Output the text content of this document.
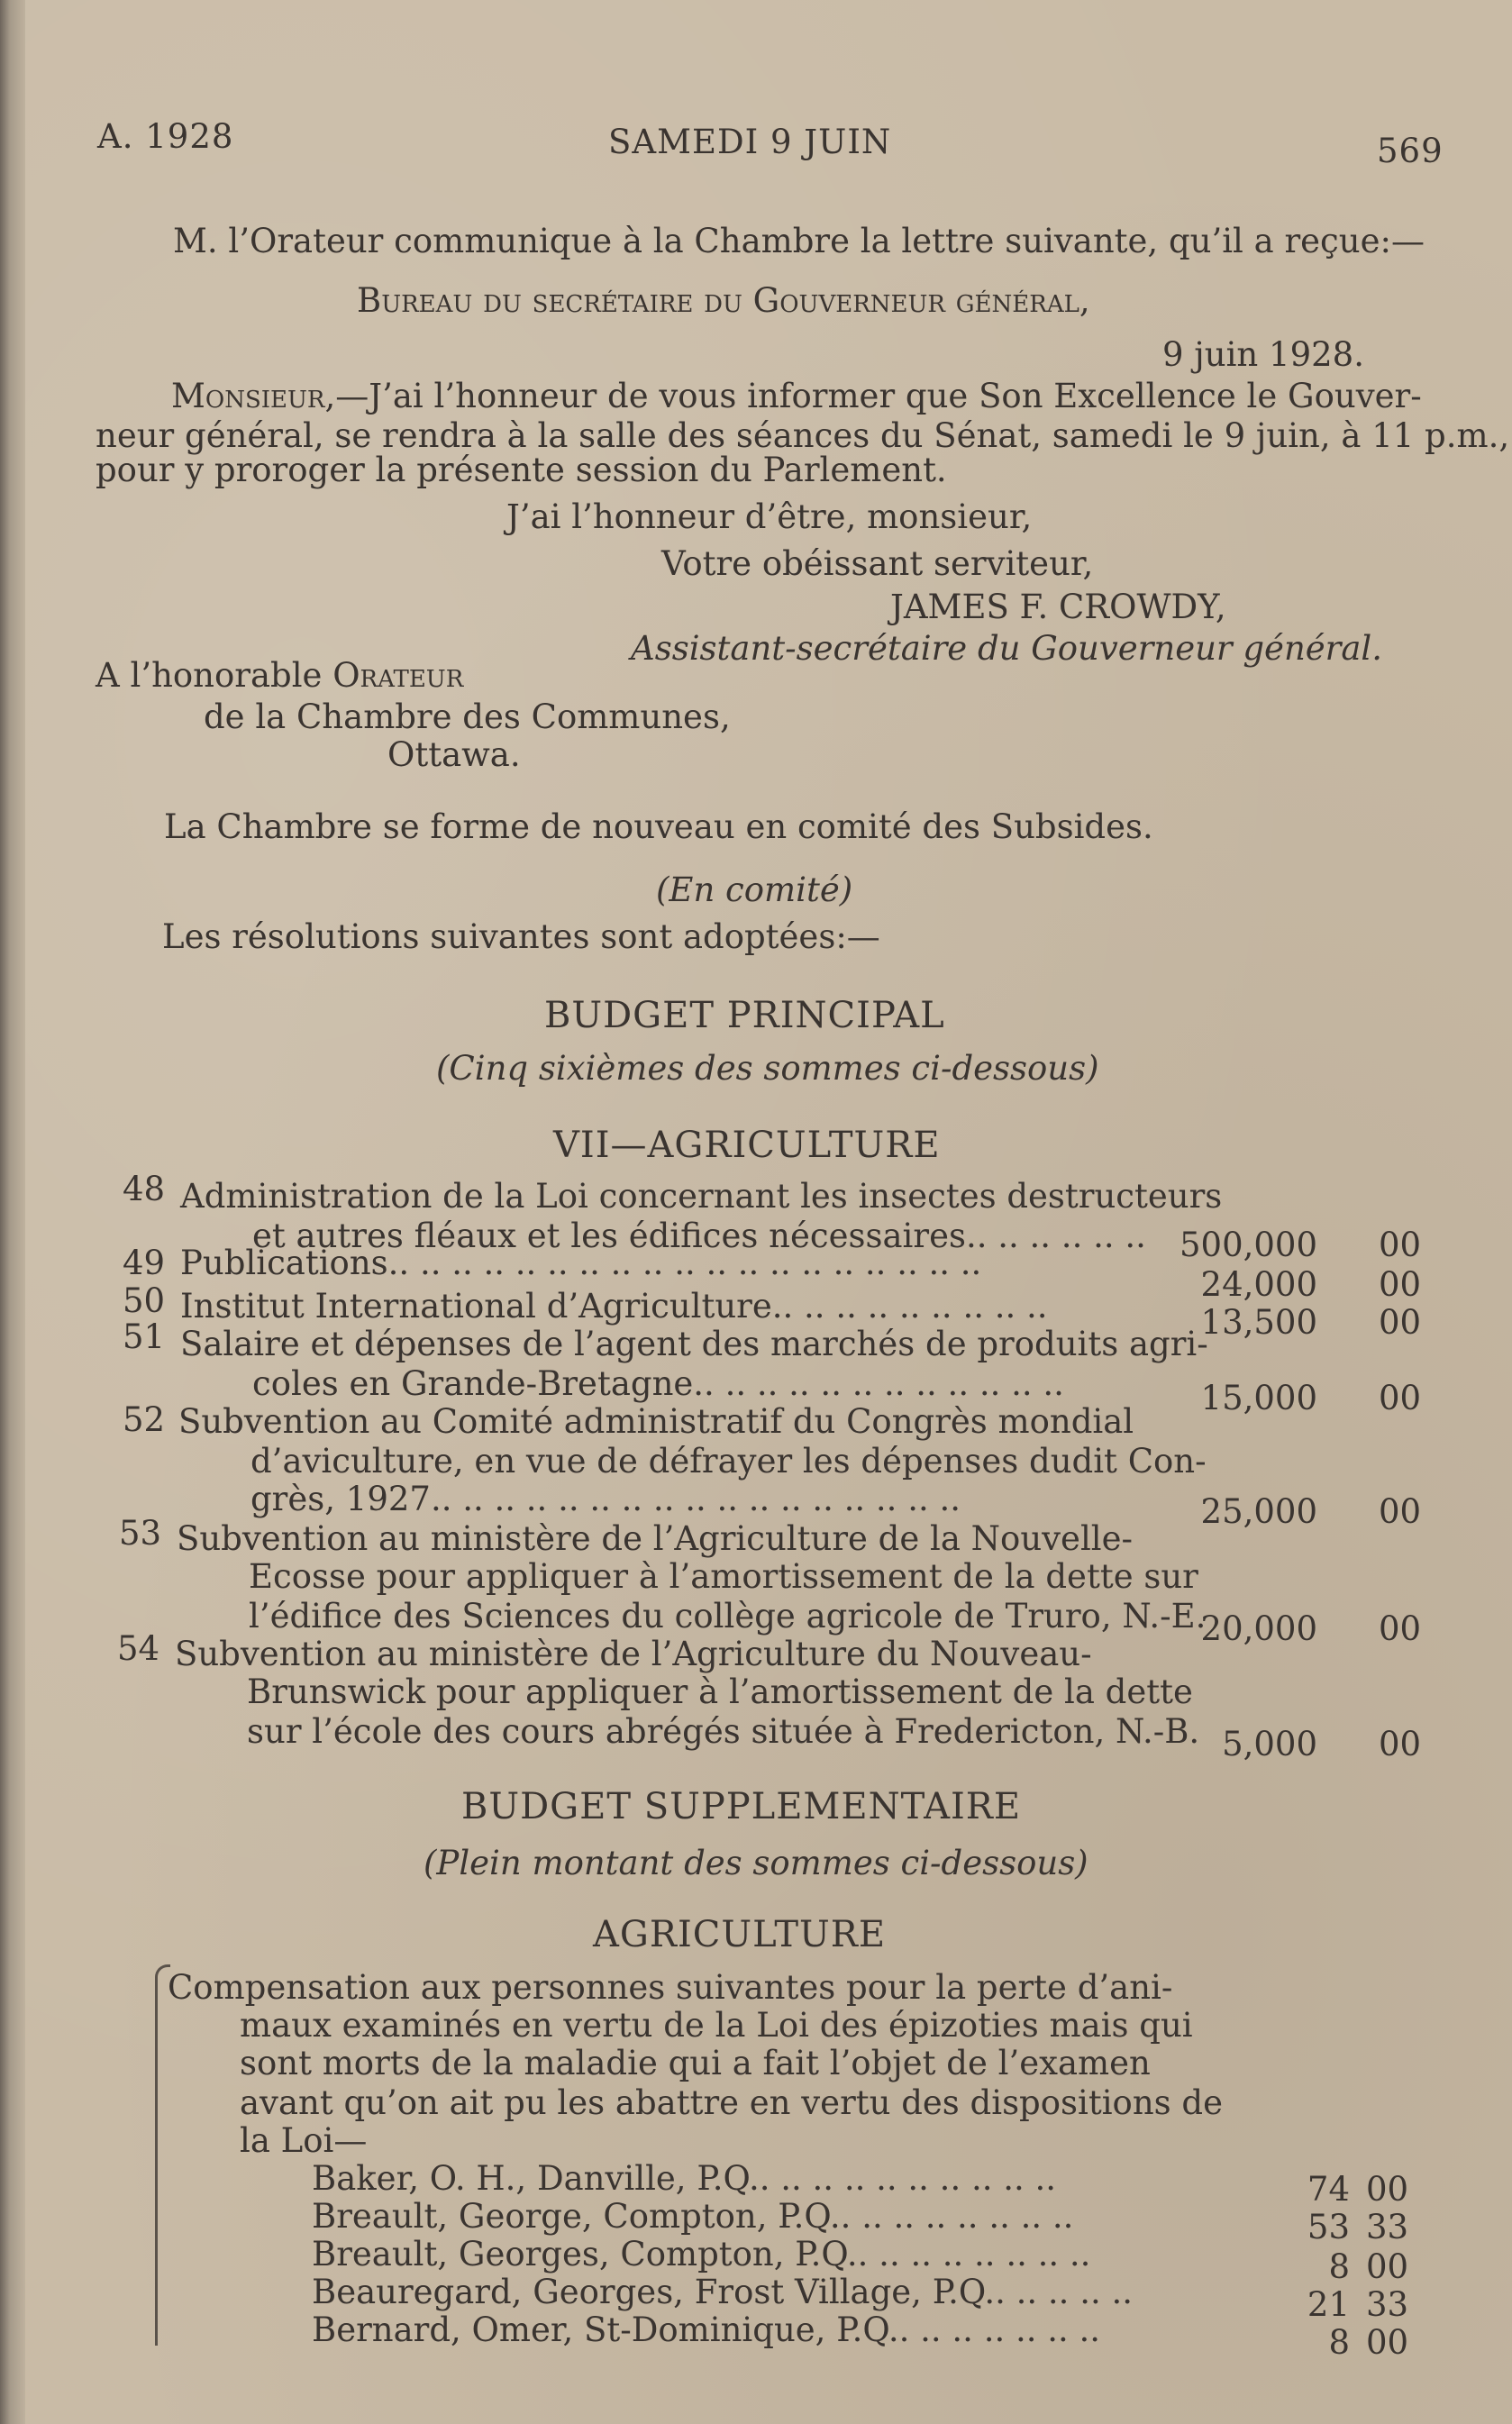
A. 1928	SAMEDI 9 JUIN	569
M. l’Orateur communique à la Chambre la lettre suivante, qu’il a reçue:—
Bureau du secrétaire du Gouverneur général,
9 juin 1928.
Monsieur,—J’ai l’honneur de vous informer que Son Excellence le Gouver-
neur général, se rendra à la salle des séances du Sénat, samedi le 9 juin, à 11 p.m.,
pour y proroger la présente session du Parlement.
J’ai l’honneur d’être, monsieur,
Votre obéissant serviteur,
JAMES F. CROWDY,
Assistant-secrétaire du Gouverneur général.
A l’honorable Orateur
de la Chambre des Communes,
Ottawa.
La Chambre se forme de nouveau en comité des Subsides.
(En comité)
Les résolutions suivantes sont adoptées:—
BUDGET PRINCIPAL
(Cinq sixièmes des sommes ci-dessous)
VII—AGRICULTURE
48 Administration de la Loi concernant les insectes destructeurs
et autres fléaux et les édifices nécessaires.. .. .. .. .. ..	500,000 00
49 Publications.. .. .. .. .. .. .. .. .. .. .. .. .. .. .. .. .. .. ..
24,000 00
50 Institut International d’Agriculture.. .. .. .. .. .. .. .. ..	13,500 00
51 Salaire et dépenses de l’agent des marchés de produits agri-
coles en Grande-Bretagne.. .. .. .. .. .. .. .. .. .. .. ..	15,000 00
52 Subvention au Comité administratif du Congrès mondial
d’aviculture, en vue de défrayer les dépenses dudit Con-
grès, 1927.. .. .. .. .. .. .. .. .. .. .. .. .. .. .. .. ..	25,000 00
53 Subvention au ministère de l’Agriculture de la Nouvelle-
Ecosse pour appliquer à l’amortissement de la dette sur
l’édifice des Sciences du collège agricole de Truro, N.-E.
20,000 00
54 Subvention au ministère de l’Agriculture du Nouveau-
Brunswick pour appliquer à l’amortissement de la dette
sur l’école des cours abrégés située à Fredericton, N.-B. 5,000 00
BUDGET SUPPLEMENTAIRE
(Plein montant des sommes ci-dessous)
AGRICULTURE
Compensation aux personnes suivantes pour la perte d’ani-
maux examinés en vertu de la Loi des épizoties mais qui
sont morts de la maladie qui a fait l’objet de l’examen
avant qu’on ait pu les abattre en vertu des dispositions de
la Loi—
Baker, O. H., Danville, P.Q.. .. .. .. .. .. .. .. .. ..	74 00
Breault, George, Compton, P.Q.. .. .. .. .. .. .. ..	53 33
Breault, Georges, Compton, P.Q.. .. .. .. .. .. .. ..	8 00
Beauregard, Georges, Frost Village, P.Q.. .. .. .. ..	21 33
Bernard, Omer, St-Dominique, P.Q.. .. .. .. .. .. ..	8 00
